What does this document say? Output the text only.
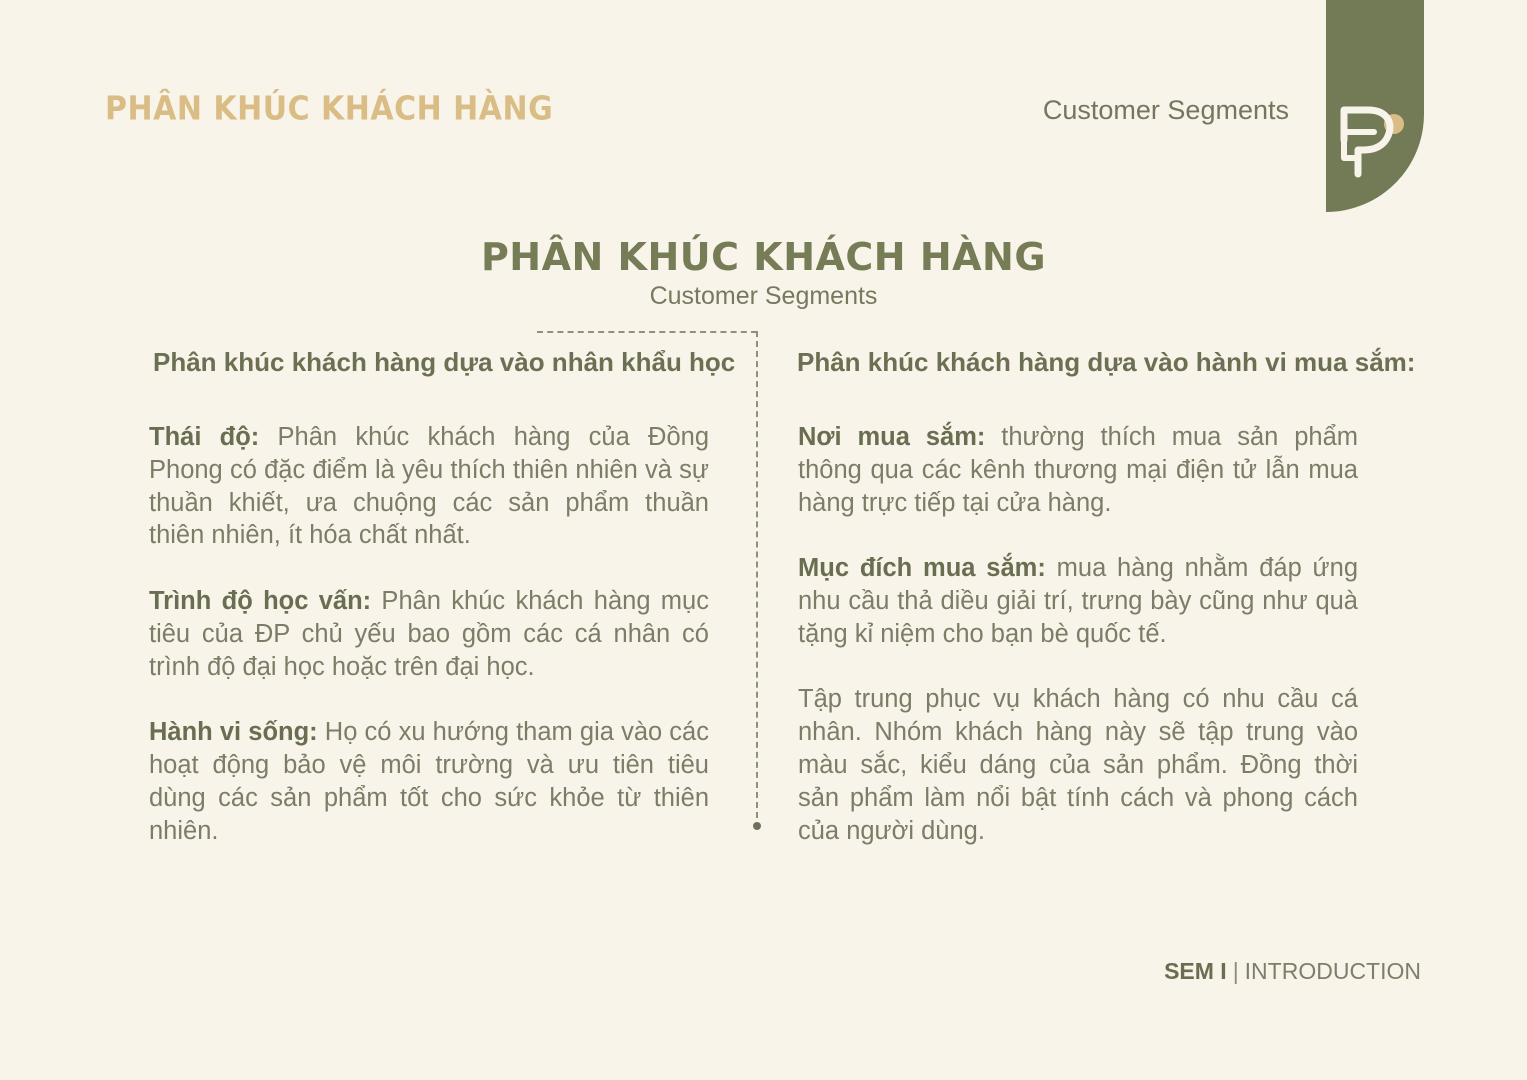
PHÂN KHÚC KHÁCH HÀNG	Customer Segments
PHÂN KHÚC KHÁCH HÀNG
Customer Segments
Phân khúc khách hàng dựa vào nhân khẩu học

Thái độ: Phân khúc khách hàng của Đồng Phong có đặc điểm là yêu thích thiên nhiên và sự thuần khiết, ưa chuộng các sản phẩm thuần thiên nhiên, ít hóa chất nhất.

Trình độ học vấn: Phân khúc khách hàng mục tiêu của ĐP chủ yếu bao gồm các cá nhân có trình độ đại học hoặc trên đại học.

Hành vi sống: Họ có xu hướng tham gia vào các hoạt động bảo vệ môi trường và ưu tiên tiêu dùng các sản phẩm tốt cho sức khỏe từ thiên nhiên.

Phân khúc khách hàng dựa vào hành vi mua sắm:

Nơi mua sắm: thường thích mua sản phẩm thông qua các kênh thương mại điện tử lẫn mua hàng trực tiếp tại cửa hàng.

Mục đích mua sắm: mua hàng nhằm đáp ứng nhu cầu thả diều giải trí, trưng bày cũng như quà tặng kỉ niệm cho bạn bè quốc tế.

Tập trung phục vụ khách hàng có nhu cầu cá nhân. Nhóm khách hàng này sẽ tập trung vào màu sắc, kiểu dáng của sản phẩm. Đồng thời sản phẩm làm nổi bật tính cách và phong cách của người dùng.

SEM I | INTRODUCTION
